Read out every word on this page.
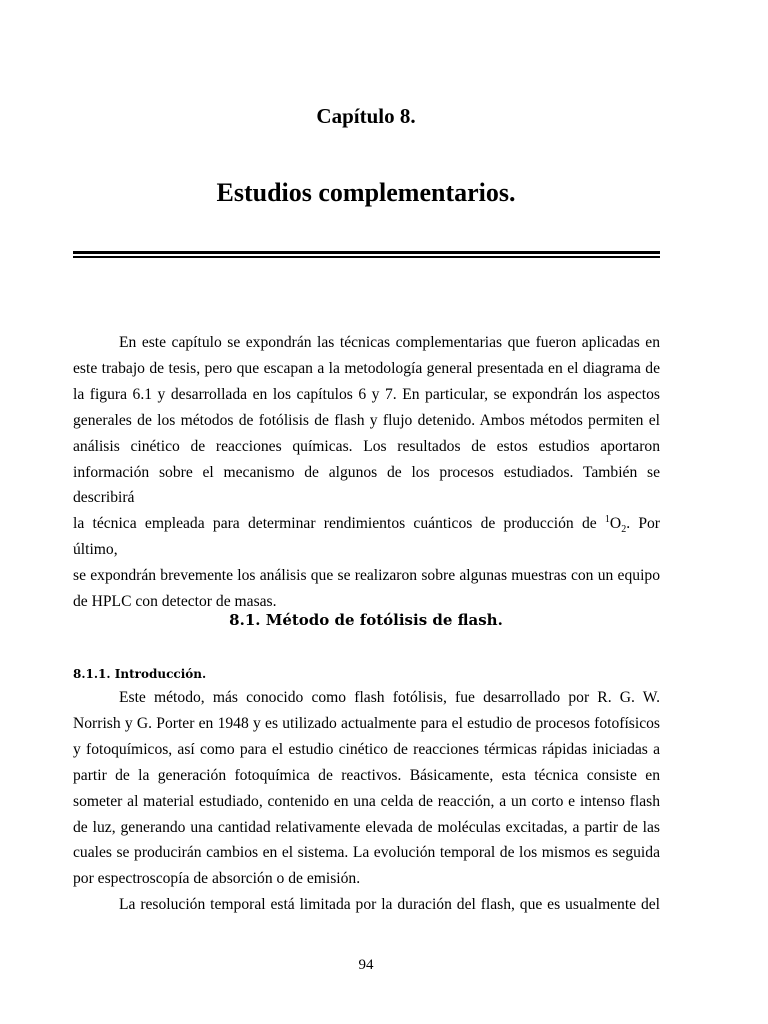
Capítulo 8.
Estudios complementarios.
En este capítulo se expondrán las técnicas complementarias que fueron aplicadas en
este trabajo de tesis, pero que escapan a la metodología general presentada en el diagrama de
la figura 6.1 y desarrollada en los capítulos 6 y 7. En particular, se expondrán los aspectos
generales de los métodos de fotólisis de flash y flujo detenido. Ambos métodos permiten el
análisis cinético de reacciones químicas. Los resultados de estos estudios aportaron
información sobre el mecanismo de algunos de los procesos estudiados. También se describirá
la técnica empleada para determinar rendimientos cuánticos de producción de $^1O_2$. Por último,
se expondrán brevemente los análisis que se realizaron sobre algunas muestras con un equipo
de HPLC con detector de masas.
8.1. Método de fotólisis de flash.
8.1.1. Introducción.
Este método, más conocido como flash fotólisis, fue desarrollado por R. G. W.
Norrish y G. Porter en 1948 y es utilizado actualmente para el estudio de procesos fotofísicos
y fotoquímicos, así como para el estudio cinético de reacciones térmicas rápidas iniciadas a
partir de la generación fotoquímica de reactivos. Básicamente, esta técnica consiste en
someter al material estudiado, contenido en una celda de reacción, a un corto e intenso flash
de luz, generando una cantidad relativamente elevada de moléculas excitadas, a partir de las
cuales se producirán cambios en el sistema. La evolución temporal de los mismos es seguida
por espectroscopía de absorción o de emisión.
La resolución temporal está limitada por la duración del flash, que es usualmente del
94
